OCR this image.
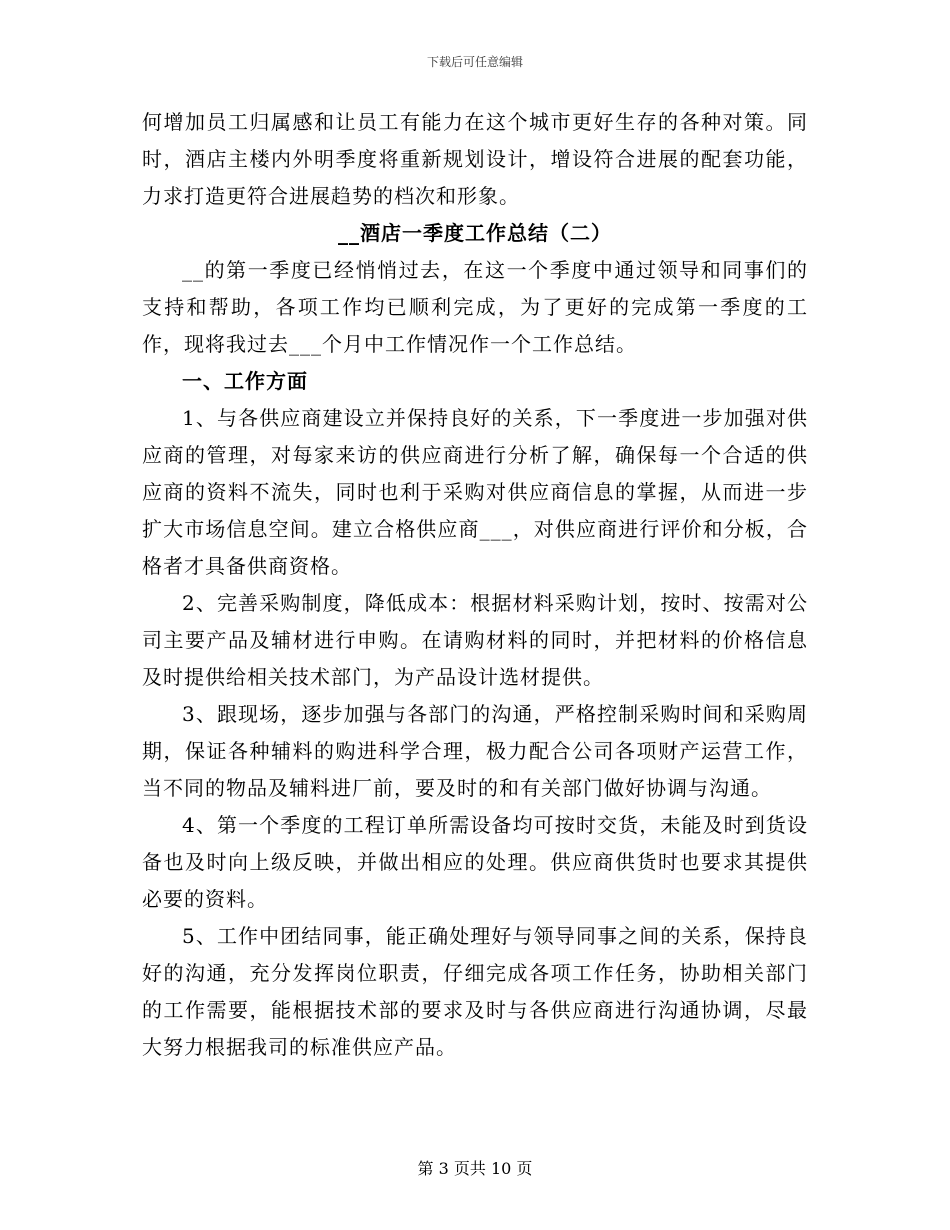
下载后可任意编辑

何增加员工归属感和让员工有能力在这个城市更好生存的各种对策。同时，酒店主楼内外明季度将重新规划设计，增设符合进展的配套功能，力求打造更符合进展趋势的档次和形象。

__酒店一季度工作总结（二）

__的第一季度已经悄悄过去，在这一个季度中通过领导和同事们的支持和帮助，各项工作均已顺利完成，为了更好的完成第一季度的工作，现将我过去___个月中工作情况作一个工作总结。

一、工作方面

1、与各供应商建设立并保持良好的关系，下一季度进一步加强对供应商的管理，对每家来访的供应商进行分析了解，确保每一个合适的供应商的资料不流失，同时也利于采购对供应商信息的掌握，从而进一步扩大市场信息空间。建立合格供应商___，对供应商进行评价和分板，合格者才具备供商资格。

2、完善采购制度，降低成本：根据材料采购计划，按时、按需对公司主要产品及辅材进行申购。在请购材料的同时，并把材料的价格信息及时提供给相关技术部门，为产品设计选材提供。

3、跟现场，逐步加强与各部门的沟通，严格控制采购时间和采购周期，保证各种辅料的购进科学合理，极力配合公司各项财产运营工作，当不同的物品及辅料进厂前，要及时的和有关部门做好协调与沟通。

4、第一个季度的工程订单所需设备均可按时交货，未能及时到货设备也及时向上级反映，并做出相应的处理。供应商供货时也要求其提供必要的资料。

5、工作中团结同事，能正确处理好与领导同事之间的关系，保持良好的沟通，充分发挥岗位职责，仔细完成各项工作任务，协助相关部门的工作需要，能根据技术部的要求及时与各供应商进行沟通协调，尽最大努力根据我司的标准供应产品。

第 3 页共 10 页
